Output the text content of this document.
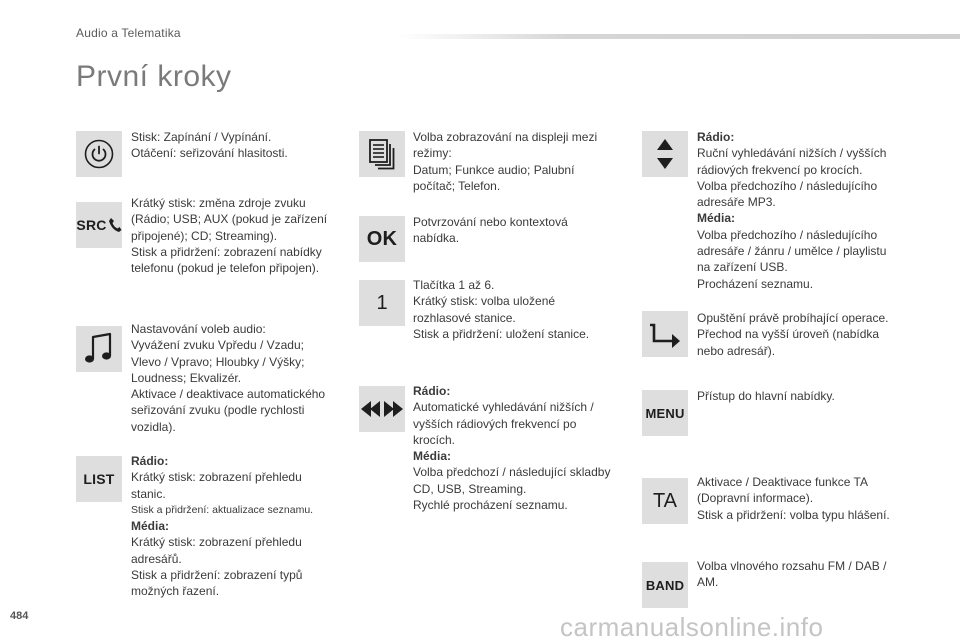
Audio a Telematika
První kroky
Stisk: Zapínání / Vypínání.
Otáčení: seřizování hlasitosti.
SRC
Krátký stisk: změna zdroje zvuku
(Rádio; USB; AUX (pokud je zařízení
připojené); CD; Streaming).
Stisk a přidržení: zobrazení nabídky
telefonu (pokud je telefon připojen).
Nastavování voleb audio:
Vyvážení zvuku Vpředu / Vzadu;
Vlevo / Vpravo; Hloubky / Výšky;
Loudness; Ekvalizér.
Aktivace / deaktivace automatického
seřizování zvuku (podle rychlosti
vozidla).
LIST
Rádio:
Krátký stisk: zobrazení přehledu
stanic.
Stisk a přidržení: aktualizace seznamu.
Média:
Krátký stisk: zobrazení přehledu
adresářů.
Stisk a přidržení: zobrazení typů
možných řazení.
Volba zobrazování na displeji mezi
režimy:
Datum; Funkce audio; Palubní
počítač; Telefon.
OK
Potvrzování nebo kontextová
nabídka.
1
Tlačítka 1 až 6.
Krátký stisk: volba uložené
rozhlasové stanice.
Stisk a přidržení: uložení stanice.
Rádio:
Automatické vyhledávání nižších /
vyšších rádiových frekvencí po
krocích.
Média:
Volba předchozí / následující skladby
CD, USB, Streaming.
Rychlé procházení seznamu.
Rádio:
Ruční vyhledávání nižších / vyšších
rádiových frekvencí po krocích.
Volba předchozího / následujícího
adresáře MP3.
Média:
Volba předchozího / následujícího
adresáře / žánru / umělce / playlistu
na zařízení USB.
Procházení seznamu.
Opuštění právě probíhající operace.
Přechod na vyšší úroveň (nabídka
nebo adresář).
MENU
Přístup do hlavní nabídky.
TA
Aktivace / Deaktivace funkce TA
(Dopravní informace).
Stisk a přidržení: volba typu hlášení.
BAND
Volba vlnového rozsahu FM / DAB /
AM.
484	carmanualsonline.info
